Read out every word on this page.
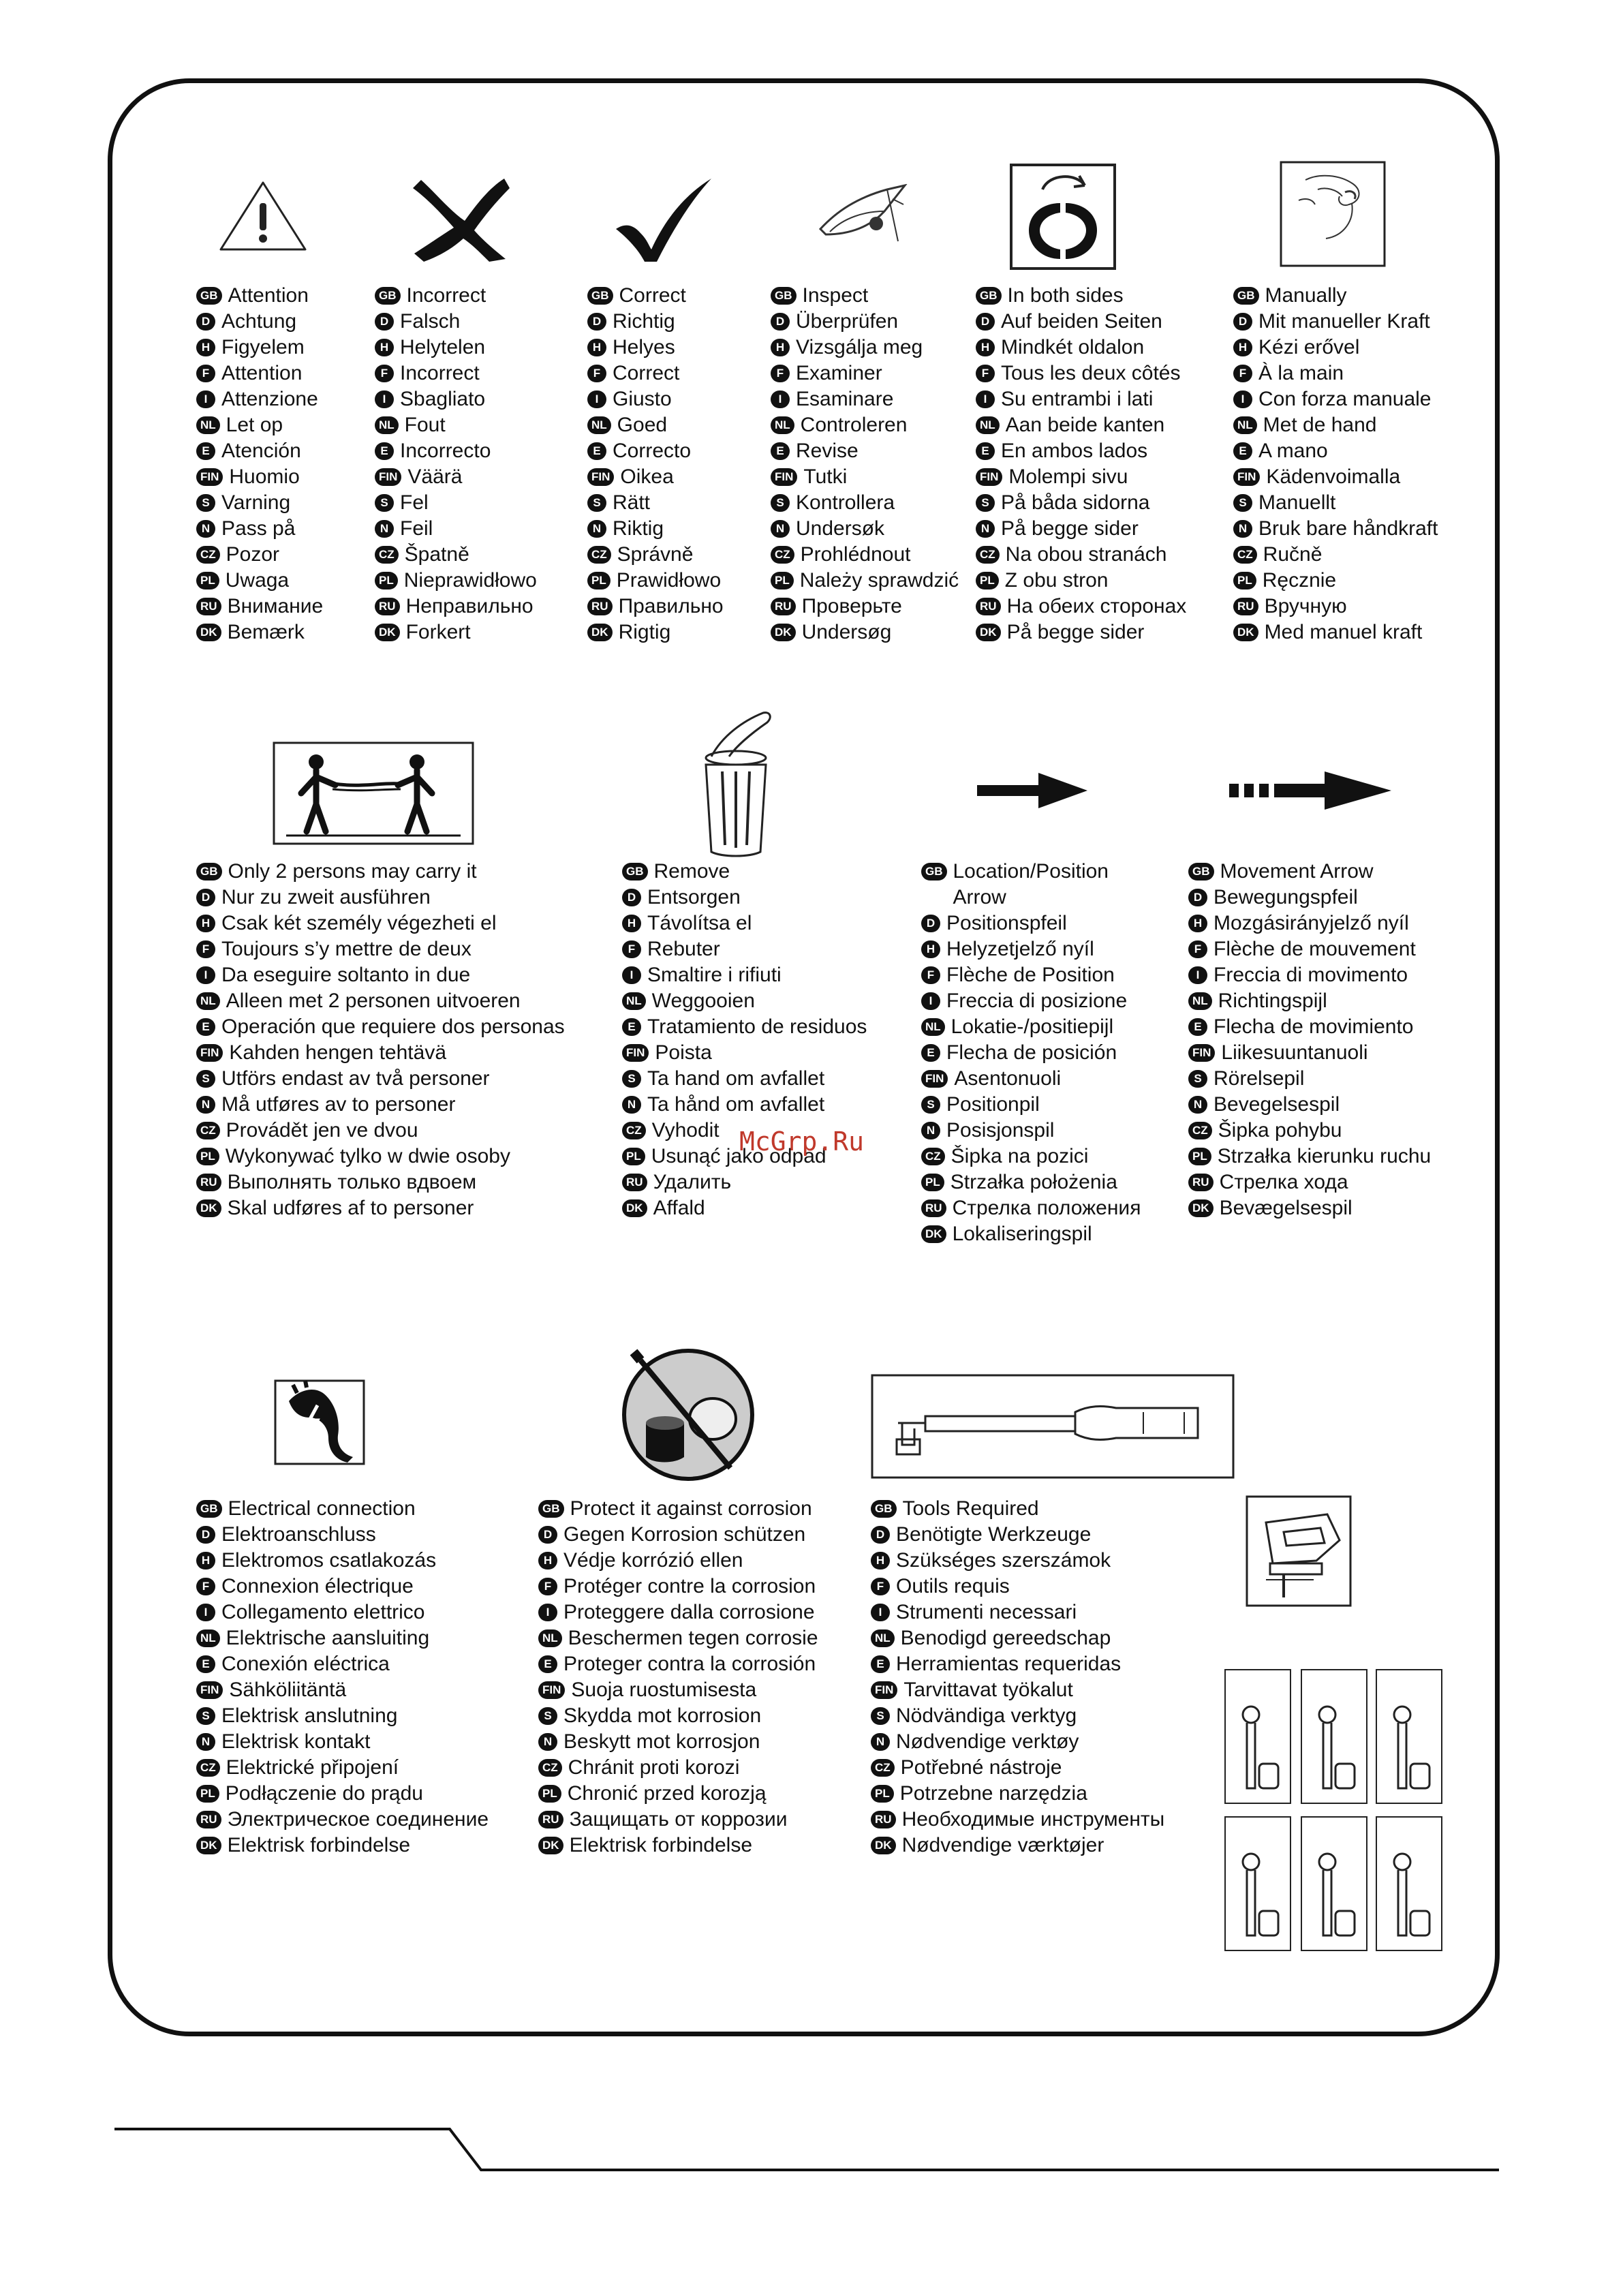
GB Attention
D Achtung
H Figyelem
F Attention
I Attenzione
NL Let op
E Atención
FIN Huomio
S Varning
N Pass på
CZ Pozor
PL Uwaga
RU Внимание
DK Bemærk
GB Incorrect
D Falsch
H Helytelen
F Incorrect
I Sbagliato
NL Fout
E Incorrecto
FIN Väärä
S Fel
N Feil
CZ Špatně
PL Nieprawidłowo
RU Неправильно
DK Forkert
GB Correct
D Richtig
H Helyes
F Correct
I Giusto
NL Goed
E Correcto
FIN Oikea
S Rätt
N Riktig
CZ Správně
PL Prawidłowo
RU Правильно
DK Rigtig
GB Inspect
D Überprüfen
H Vizsgálja meg
F Examiner
I Esaminare
NL Controleren
E Revise
FIN Tutki
S Kontrollera
N Undersøk
CZ Prohlédnout
PL Należy sprawdzić
RU Проверьте
DK Undersøg
GB In both sides
D Auf beiden Seiten
H Mindkét oldalon
F Tous les deux côtés
I Su entrambi i lati
NL Aan beide kanten
E En ambos lados
FIN Molempi sivu
S På båda sidorna
N På begge sider
CZ Na obou stranách
PL Z obu stron
RU На обеих сторонах
DK På begge sider
GB Manually
D Mit manueller Kraft
H Kézi erővel
F À la main
I Con forza manuale
NL Met de hand
E A mano
FIN Kädenvoimalla
S Manuellt
N Bruk bare håndkraft
CZ Ručně
PL Ręcznie
RU Вручную
DK Med manuel kraft
GB Only 2 persons may carry it
D Nur zu zweit ausführen
H Csak két személy végezheti el
F Toujours s’y mettre de deux
I Da eseguire soltanto in due
NL Alleen met 2 personen uitvoeren
E Operación que requiere dos personas
FIN Kahden hengen tehtävä
S Utförs endast av två personer
N Må utføres av to personer
CZ Provádět jen ve dvou
PL Wykonywać tylko w dwie osoby
RU Выполнять только вдвоем
DK Skal udføres af to personer
GB Remove
D Entsorgen
H Távolítsa el
F Rebuter
I Smaltire i rifiuti
NL Weggooien
E Tratamiento de residuos
FIN Poista
S Ta hand om avfallet
N Ta hånd om avfallet
CZ Vyhodit
PL Usunąć jako odpad
RU Удалить
DK Affald
GB Location/Position
Arrow
D Positionspfeil
H Helyzetjelző nyíl
F Flèche de Position
I Freccia di posizione
NL Lokatie-/positiepijl
E Flecha de posición
FIN Asentonuoli
S Positionpil
N Posisjonspil
CZ Šipka na pozici
PL Strzałka położenia
RU Стрелка положения
DK Lokaliseringspil
GB Movement Arrow
D Bewegungspfeil
H Mozgásirányjelző nyíl
F Flèche de mouvement
I Freccia di movimento
NL Richtingspijl
E Flecha de movimiento
FIN Liikesuuntanuoli
S Rörelsepil
N Bevegelsespil
CZ Šipka pohybu
PL Strzałka kierunku ruchu
RU Стрелка хода
DK Bevægelsespil
GB Electrical connection
D Elektroanschluss
H Elektromos csatlakozás
F Connexion électrique
I Collegamento elettrico
NL Elektrische aansluiting
E Conexión eléctrica
FIN Sähköliitäntä
S Elektrisk anslutning
N Elektrisk kontakt
CZ Elektrické připojení
PL Podłączenie do prądu
RU Электрическое соединение
DK Elektrisk forbindelse
GB Protect it against corrosion
D Gegen Korrosion schützen
H Védje korrózió ellen
F Protéger contre la corrosion
I Proteggere dalla corrosione
NL Beschermen tegen corrosie
E Proteger contra la corrosión
FIN Suoja ruostumisesta
S Skydda mot korrosion
N Beskytt mot korrosjon
CZ Chránit proti korozi
PL Chronić przed korozją
RU Защищать от коррозии
DK Elektrisk forbindelse
GB Tools Required
D Benötigte Werkzeuge
H Szükséges szerszámok
F Outils requis
I Strumenti necessari
NL Benodigd gereedschap
E Herramientas requeridas
FIN Tarvittavat työkalut
S Nödvändiga verktyg
N Nødvendige verktøy
CZ Potřebné nástroje
PL Potrzebne narzędzia
RU Необходимые инструменты
DK Nødvendige værktøjer
McGrp.Ru
